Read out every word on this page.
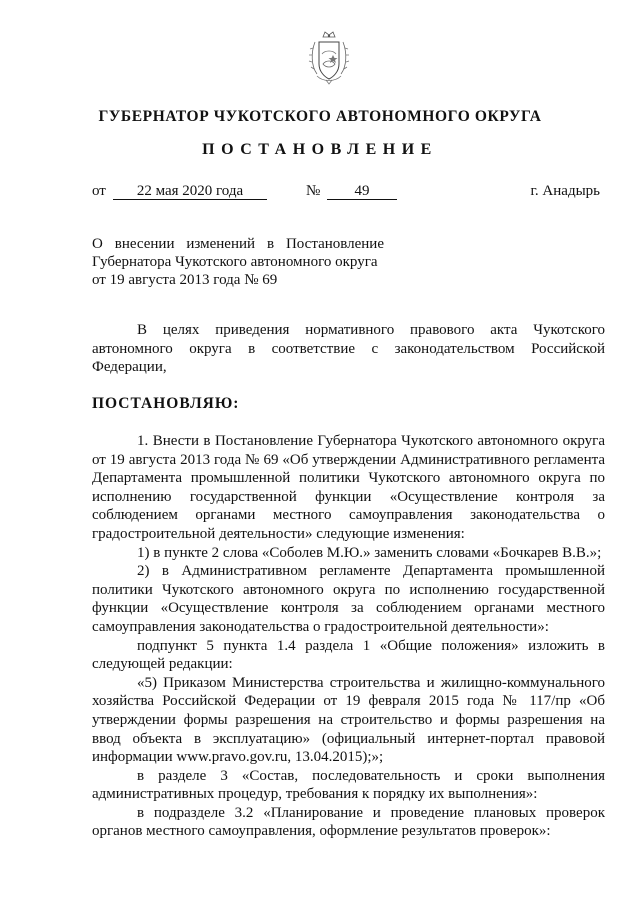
ГУБЕРНАТОР ЧУКОТСКОГО АВТОНОМНОГО ОКРУГА
ПОСТАНОВЛЕНИЕ
от	22 мая 2020 года	№	49	г. Анадырь
О внесении изменений в Постановление
Губернатора Чукотского автономного округа
от 19 августа 2013 года № 69

В целях приведения нормативного правового акта Чукотского автономного округа в соответствие с законодательством Российской Федерации,

ПОСТАНОВЛЯЮ:

1. Внести в Постановление Губернатора Чукотского автономного округа от 19 августа 2013 года № 69 «Об утверждении Административного регламента Департамента промышленной политики Чукотского автономного округа по исполнению государственной функции «Осуществление контроля за соблюдением органами местного самоуправления законодательства о градостроительной деятельности» следующие изменения:

1) в пункте 2 слова «Соболев М.Ю.» заменить словами «Бочкарев В.В.»;

2) в Административном регламенте Департамента промышленной политики Чукотского автономного округа по исполнению государственной функции «Осуществление контроля за соблюдением органами местного самоуправления законодательства о градостроительной деятельности»:

подпункт 5 пункта 1.4 раздела 1 «Общие положения» изложить в следующей редакции:

«5) Приказом Министерства строительства и жилищно-коммунального хозяйства Российской Федерации от 19 февраля 2015 года № 117/пр «Об утверждении формы разрешения на строительство и формы разрешения на ввод объекта в эксплуатацию» (официальный интернет-портал правовой информации www.pravo.gov.ru, 13.04.2015);»;

в разделе 3 «Состав, последовательность и сроки выполнения административных процедур, требования к порядку их выполнения»:

в подразделе 3.2 «Планирование и проведение плановых проверок органов местного самоуправления, оформление результатов проверок»:
